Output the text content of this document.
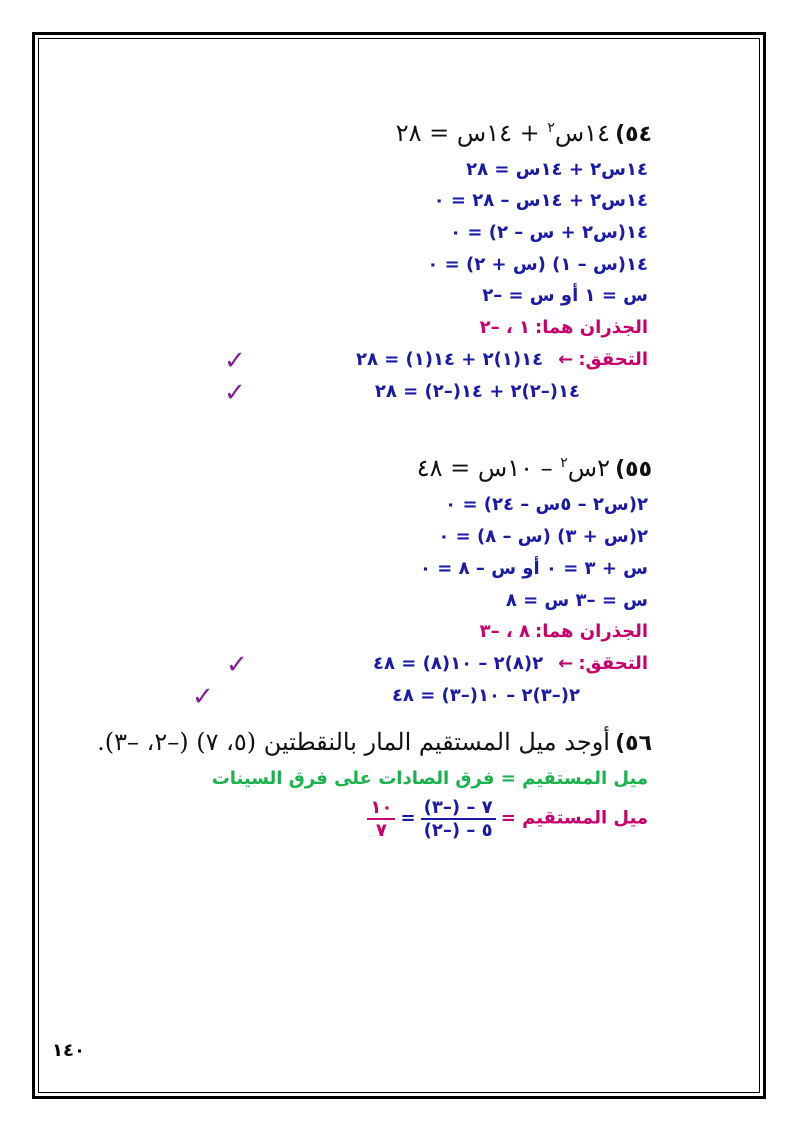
٥٤) ١٤س$^٢$ + ١٤س = ٢٨
١٤س٢ + ١٤س = ٢٨
١٤س٢ + ١٤س – ٢٨ = ٠
١٤(س٢ + س – ٢) = ٠
١٤(س – ١) (س + ٢) = ٠
س = ١ أو س = –٢
الجذران هما: ١ ، –٢
التحقق: ← ١٤(١)٢ + ١٤(١) = ٢٨
١٤(–٢)٢ + ١٤(–٢) = ٢٨
✓
✓
٥٥) ٢س$^٢$ – ١٠س = ٤٨
٢(س٢ – ٥س – ٢٤) = ٠
٢(س + ٣) (س – ٨) = ٠
س + ٣ = ٠ أو س – ٨ = ٠
س = –٣ س = ٨
الجذران هما: ٨ ، –٣
التحقق: ← ٢(٨)٢ – ١٠(٨) = ٤٨
٢(–٣)٢ – ١٠(–٣) = ٤٨
✓
✓
٥٦) أوجد ميل المستقيم المار بالنقطتين (٥، ٧) (–٢، –٣).
ميل المستقيم = فرق الصادات على فرق السينات
ميل المستقيم =
$\frac{٧ - (-٣)}{٥ - (-٢)}$
=
$\frac{١٠}{٧}$
١٤٠
